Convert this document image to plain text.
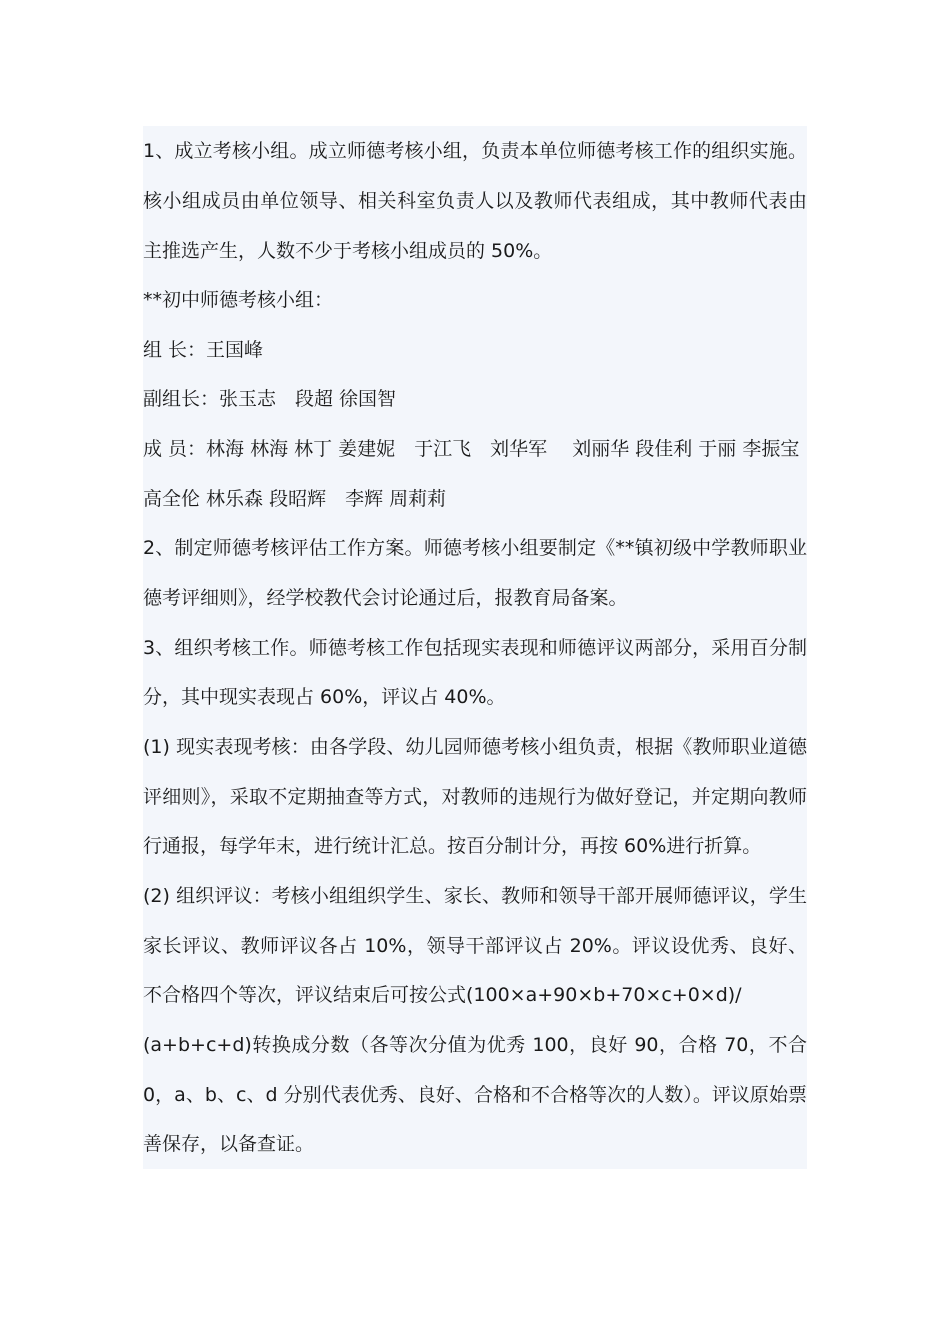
1、成立考核小组。成立师德考核小组，负责本单位师德考核工作的组织实施。
核小组成员由单位领导、相关科室负责人以及教师代表组成，其中教师代表由
主推选产生，人数不少于考核小组成员的 50%。
**初中师德考核小组：
组 长：王国峰
副组长：张玉志　段超 徐国智
成 员：林海 林海 林丁 姜建妮　于江飞　刘华军　 刘丽华 段佳利 于丽 李振宝
高全伦 林乐森 段昭辉　李辉 周莉莉
2、制定师德考核评估工作方案。师德考核小组要制定《**镇初级中学教师职业
德考评细则》，经学校教代会讨论通过后，报教育局备案。
3、组织考核工作。师德考核工作包括现实表现和师德评议两部分，采用百分制
分，其中现实表现占 60%，评议占 40%。
(1) 现实表现考核：由各学段、幼儿园师德考核小组负责，根据《教师职业道德
评细则》，采取不定期抽查等方式，对教师的违规行为做好登记，并定期向教师
行通报，每学年末，进行统计汇总。按百分制计分，再按 60%进行折算。
(2) 组织评议：考核小组组织学生、家长、教师和领导干部开展师德评议，学生
家长评议、教师评议各占 10%，领导干部评议占 20%。评议设优秀、良好、
不合格四个等次，评议结束后可按公式(100×a+90×b+70×c+0×d)/
(a+b+c+d)转换成分数（各等次分值为优秀 100，良好 90，合格 70，不合
0，a、b、c、d 分别代表优秀、良好、合格和不合格等次的人数）。评议原始票
善保存，以备查证。
